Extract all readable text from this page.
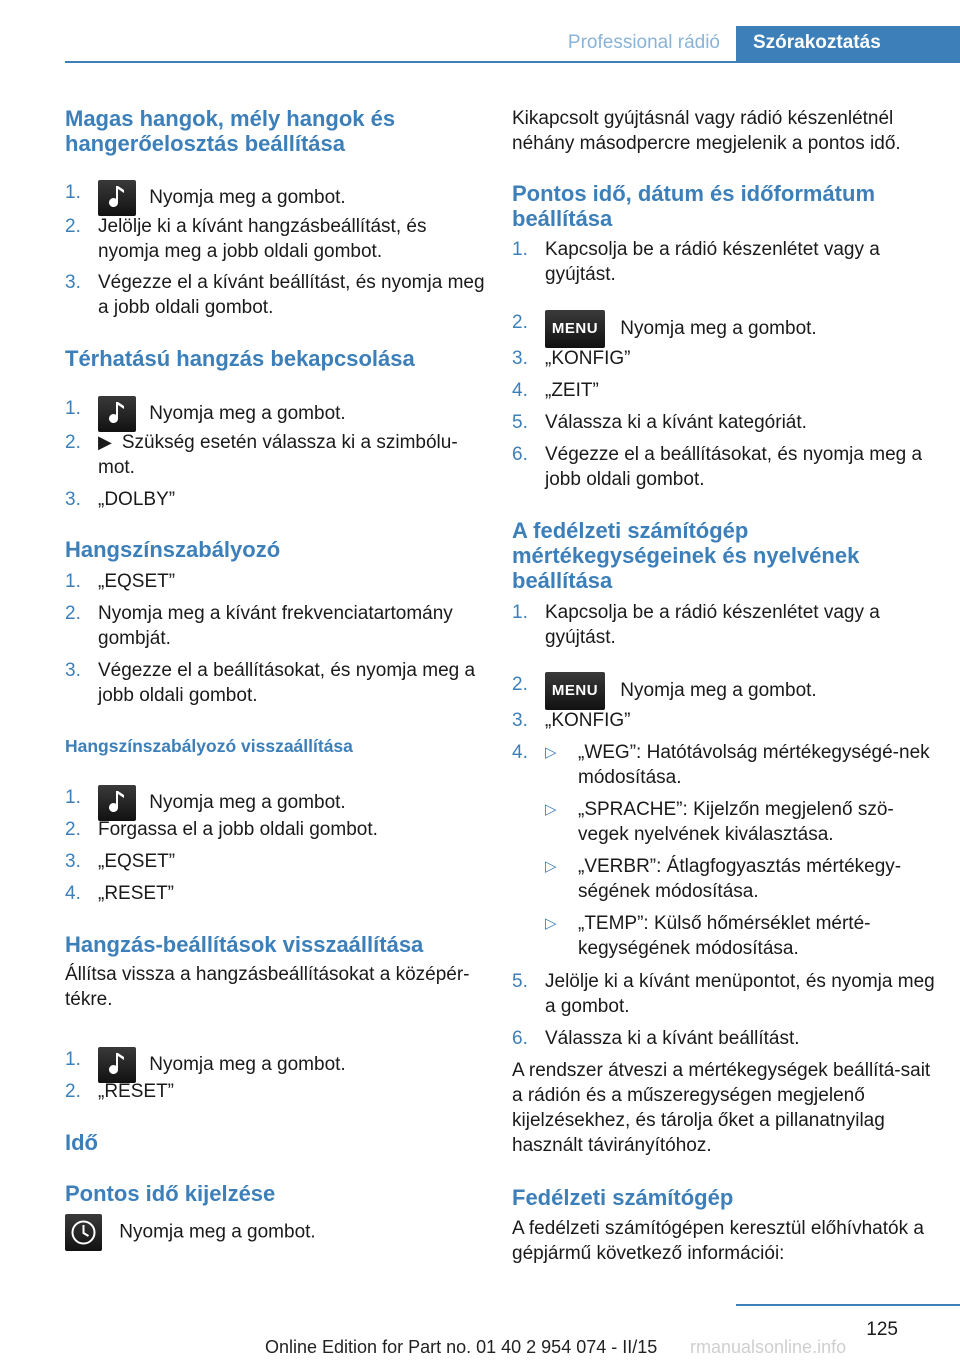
Professional rádió	Szórakoztatás
Magas hangok, mély hangok és hangerőelosztás beállítása
1.	Nyomja meg a gombot.
2. Jelölje ki a kívánt hangzásbeállítást, és nyomja meg a jobb oldali gombot.
3. Végezze el a kívánt beállítást, és nyomja meg a jobb oldali gombot.
Térhatású hangzás bekapcsolása
1.	Nyomja meg a gombot.
2. ▶ Szükség esetén válassza ki a szimbólu‐mot.
3. „DOLBY”
Hangszínszabályozó
1. „EQSET”
2. Nyomja meg a kívánt frekvenciatartomány gombját.
3. Végezze el a beállításokat, és nyomja meg a jobb oldali gombot.
Hangszínszabályozó visszaállítása
1.	Nyomja meg a gombot.
2. Forgassa el a jobb oldali gombot.
3. „EQSET”
4. „RESET”
Hangzás-beállítások visszaállítása
Állítsa vissza a hangzásbeállításokat a középér‐tékre.
1.	Nyomja meg a gombot.
2. „RESET”
Idő
Pontos idő kijelzése
Nyomja meg a gombot.
Kikapcsolt gyújtásnál vagy rádió készenlétnél néhány másodpercre megjelenik a pontos idő.
Pontos idő, dátum és időformátum beállítása
1. Kapcsolja be a rádió készenlétet vagy a gyújtást.
2.	MENU Nyomja meg a gombot.
3. „KONFIG”
4. „ZEIT”
5. Válassza ki a kívánt kategóriát.
6. Végezze el a beállításokat, és nyomja meg a jobb oldali gombot.
A fedélzeti számítógép mértékegységeinek és nyelvének beállítása
1. Kapcsolja be a rádió készenlétet vagy a gyújtást.
2.	MENU Nyomja meg a gombot.
3. „KONFIG”
4. ▷ „WEG”: Hatótávolság mértékegységé‐nek módosítása.
▷ „SPRACHE”: Kijelzőn megjelenő szö‐vegek nyelvének kiválasztása.
▷ „VERBR”: Átlagfogyasztás mértékegy‐ségének módosítása.
▷ „TEMP”: Külső hőmérséklet mérté‐kegységének módosítása.
5. Jelölje ki a kívánt menüpontot, és nyomja meg a gombot.
6. Válassza ki a kívánt beállítást.
A rendszer átveszi a mértékegységek beállítá‐sait a rádión és a műszeregységen megjelenő kijelzésekhez, és tárolja őket a pillanatnyilag használt távirányítóhoz.
Fedélzeti számítógép
A fedélzeti számítógépen keresztül előhívhatók a gépjármű következő információi:
125
Online Edition for Part no. 01 40 2 954 074 - II/15 rmanualsonline.info
